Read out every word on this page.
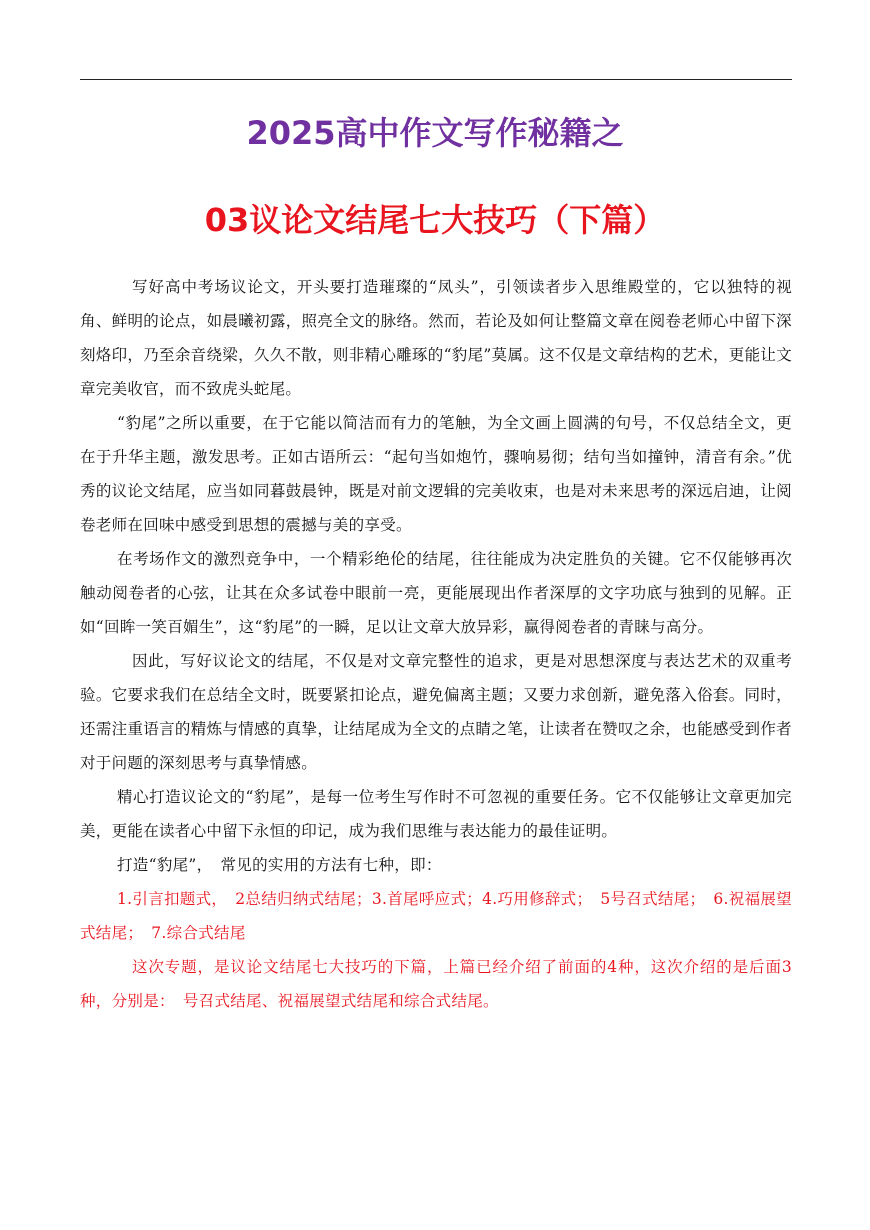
2025高中作文写作秘籍之
03议论文结尾七大技巧（下篇）

写好高中考场议论文，开头要打造璀璨的“凤头”，引领读者步入思维殿堂的，它以独特的视角、鲜明的论点，如晨曦初露，照亮全文的脉络。然而，若论及如何让整篇文章在阅卷老师心中留下深刻烙印，乃至余音绕梁，久久不散，则非精心雕琢的“豹尾”莫属。这不仅是文章结构的艺术，更能让文章完美收官，而不致虎头蛇尾。

“豹尾”之所以重要，在于它能以简洁而有力的笔触，为全文画上圆满的句号，不仅总结全文，更在于升华主题，激发思考。正如古语所云：“起句当如炮竹，骤响易彻；结句当如撞钟，清音有余。”优秀的议论文结尾，应当如同暮鼓晨钟，既是对前文逻辑的完美收束，也是对未来思考的深远启迪，让阅卷老师在回味中感受到思想的震撼与美的享受。

在考场作文的激烈竞争中，一个精彩绝伦的结尾，往往能成为决定胜负的关键。它不仅能够再次触动阅卷者的心弦，让其在众多试卷中眼前一亮，更能展现出作者深厚的文字功底与独到的见解。正如“回眸一笑百媚生”，这“豹尾”的一瞬，足以让文章大放异彩，赢得阅卷者的青睐与高分。

因此，写好议论文的结尾，不仅是对文章完整性的追求，更是对思想深度与表达艺术的双重考验。它要求我们在总结全文时，既要紧扣论点，避免偏离主题；又要力求创新，避免落入俗套。同时，还需注重语言的精炼与情感的真挚，让结尾成为全文的点睛之笔，让读者在赞叹之余，也能感受到作者对于问题的深刻思考与真挚情感。

精心打造议论文的“豹尾”，是每一位考生写作时不可忽视的重要任务。它不仅能够让文章更加完美，更能在读者心中留下永恒的印记，成为我们思维与表达能力的最佳证明。

打造“豹尾”，　常见的实用的方法有七种，即：

1.引言扣题式，　2总结归纳式结尾；3.首尾呼应式；4.巧用修辞式；　5号召式结尾；　6.祝福展望式结尾；　7.综合式结尾

这次专题，是议论文结尾七大技巧的下篇，上篇已经介绍了前面的4种，这次介绍的是后面3种，分别是：　号召式结尾、祝福展望式结尾和综合式结尾。
